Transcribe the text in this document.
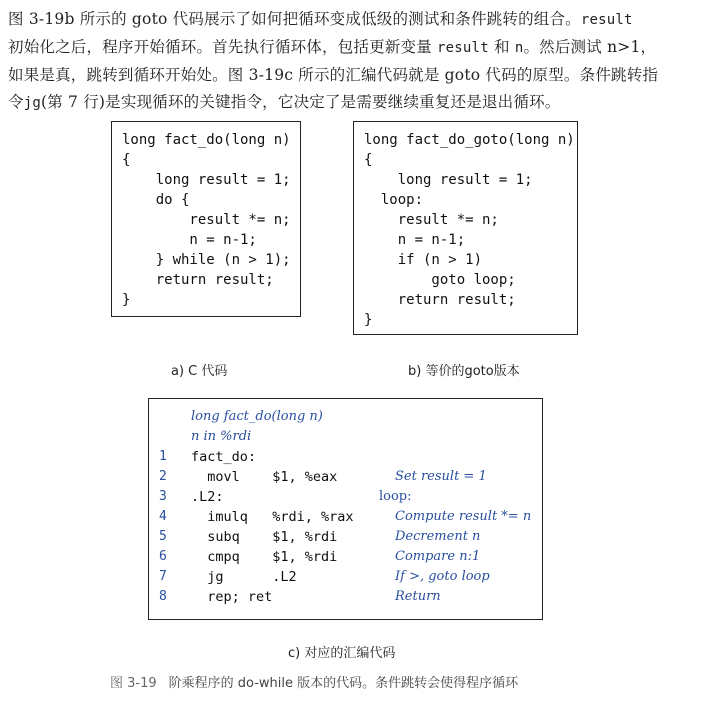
图 3-19b 所示的 goto 代码展示了如何把循环变成低级的测试和条件跳转的组合。result
初始化之后，程序开始循环。首先执行循环体，包括更新变量 result 和 n。然后测试 n>1，
如果是真，跳转到循环开始处。图 3-19c 所示的汇编代码就是 goto 代码的原型。条件跳转指
令jg(第 7 行)是实现循环的关键指令，它决定了是需要继续重复还是退出循环。
long fact_do(long n)
{
long result = 1;
do {
result *= n;
n = n-1;
} while (n > 1);
return result;
}
long fact_do_goto(long n)
{
long result = 1;
loop:
result *= n;
n = n-1;
if (n > 1)
goto loop;
return result;
}
a) C 代码	b) 等价的goto版本
long fact_do(long n)
n in %rdi
1 fact_do:
2 movl    $1, %eax	Set result = 1
3 .L2:	loop:
4 imulq   %rdi, %rax	Compute result *= n
5 subq    $1, %rdi	Decrement n
6 cmpq    $1, %rdi	Compare n:1
7 jg      .L2	If >, goto loop
8 rep; ret	Return
c) 对应的汇编代码
图 3-19 阶乘程序的 do-while 版本的代码。条件跳转会使得程序循环
